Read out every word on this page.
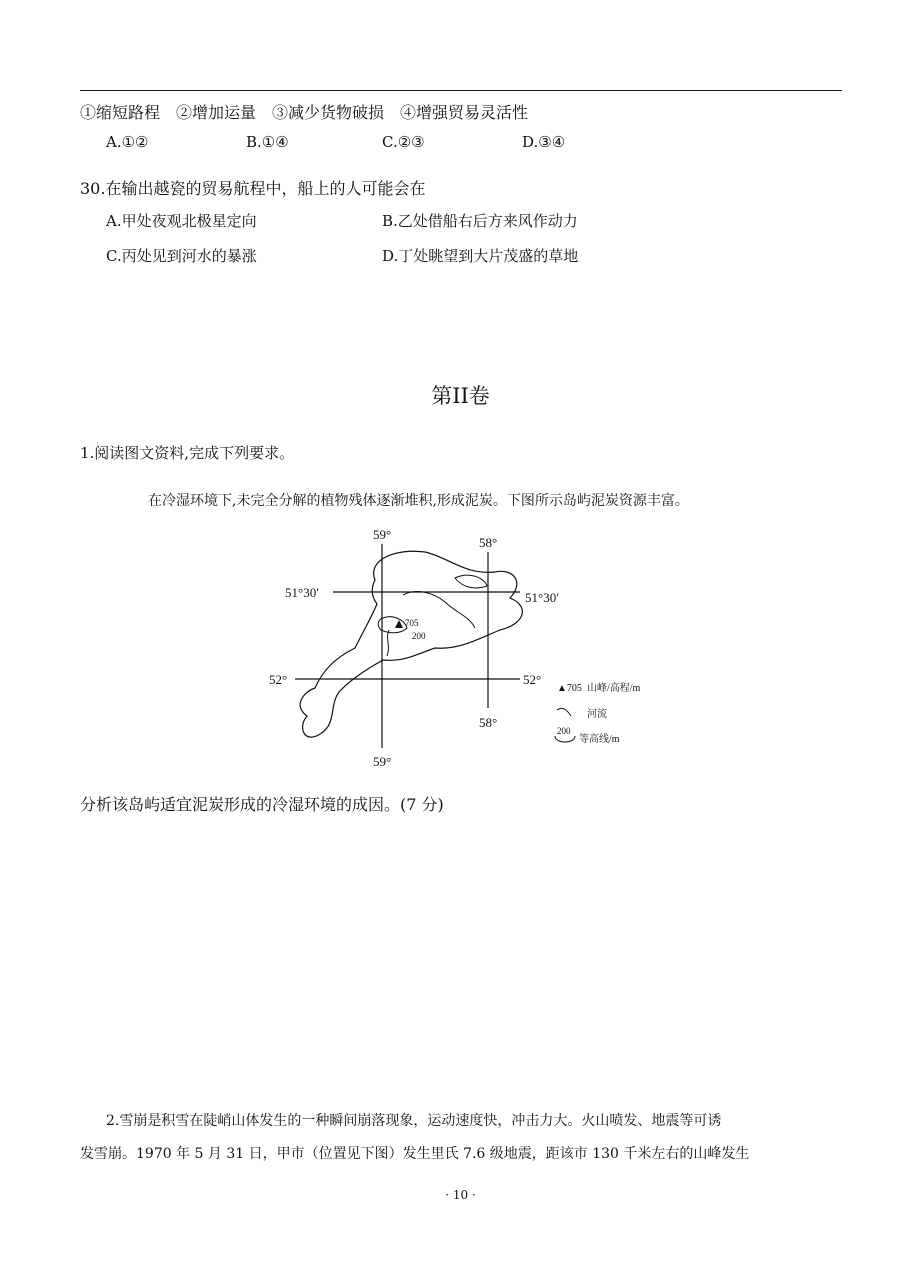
①缩短路程　②增加运量　③减少货物破损　④增强贸易灵活性
A.①②	B.①④	C.②③	D.③④
30.在输出越瓷的贸易航程中，船上的人可能会在
A.甲处夜观北极星定向	B.乙处借船右后方来风作动力
C.丙处见到河水的暴涨	D.丁处眺望到大片茂盛的草地
第II卷
1.阅读图文资料,完成下列要求。
在冷湿环境下,未完全分解的植物残体逐渐堆积,形成泥炭。下图所示岛屿泥炭资源丰富。
705
200
59°
58°
59°
58°
51°30′	51°30′
52°	52°
▲705 山峰/高程/m
河流
200
等高线/m
分析该岛屿适宜泥炭形成的冷湿环境的成因。(7 分)
2.雪崩是积雪在陡峭山体发生的一种瞬间崩落现象，运动速度快，冲击力大。火山喷发、地震等可诱
发雪崩。1970 年 5 月 31 日，甲市（位置见下图）发生里氏 7.6 级地震，距该市 130 千米左右的山峰发生
· 10 ·
